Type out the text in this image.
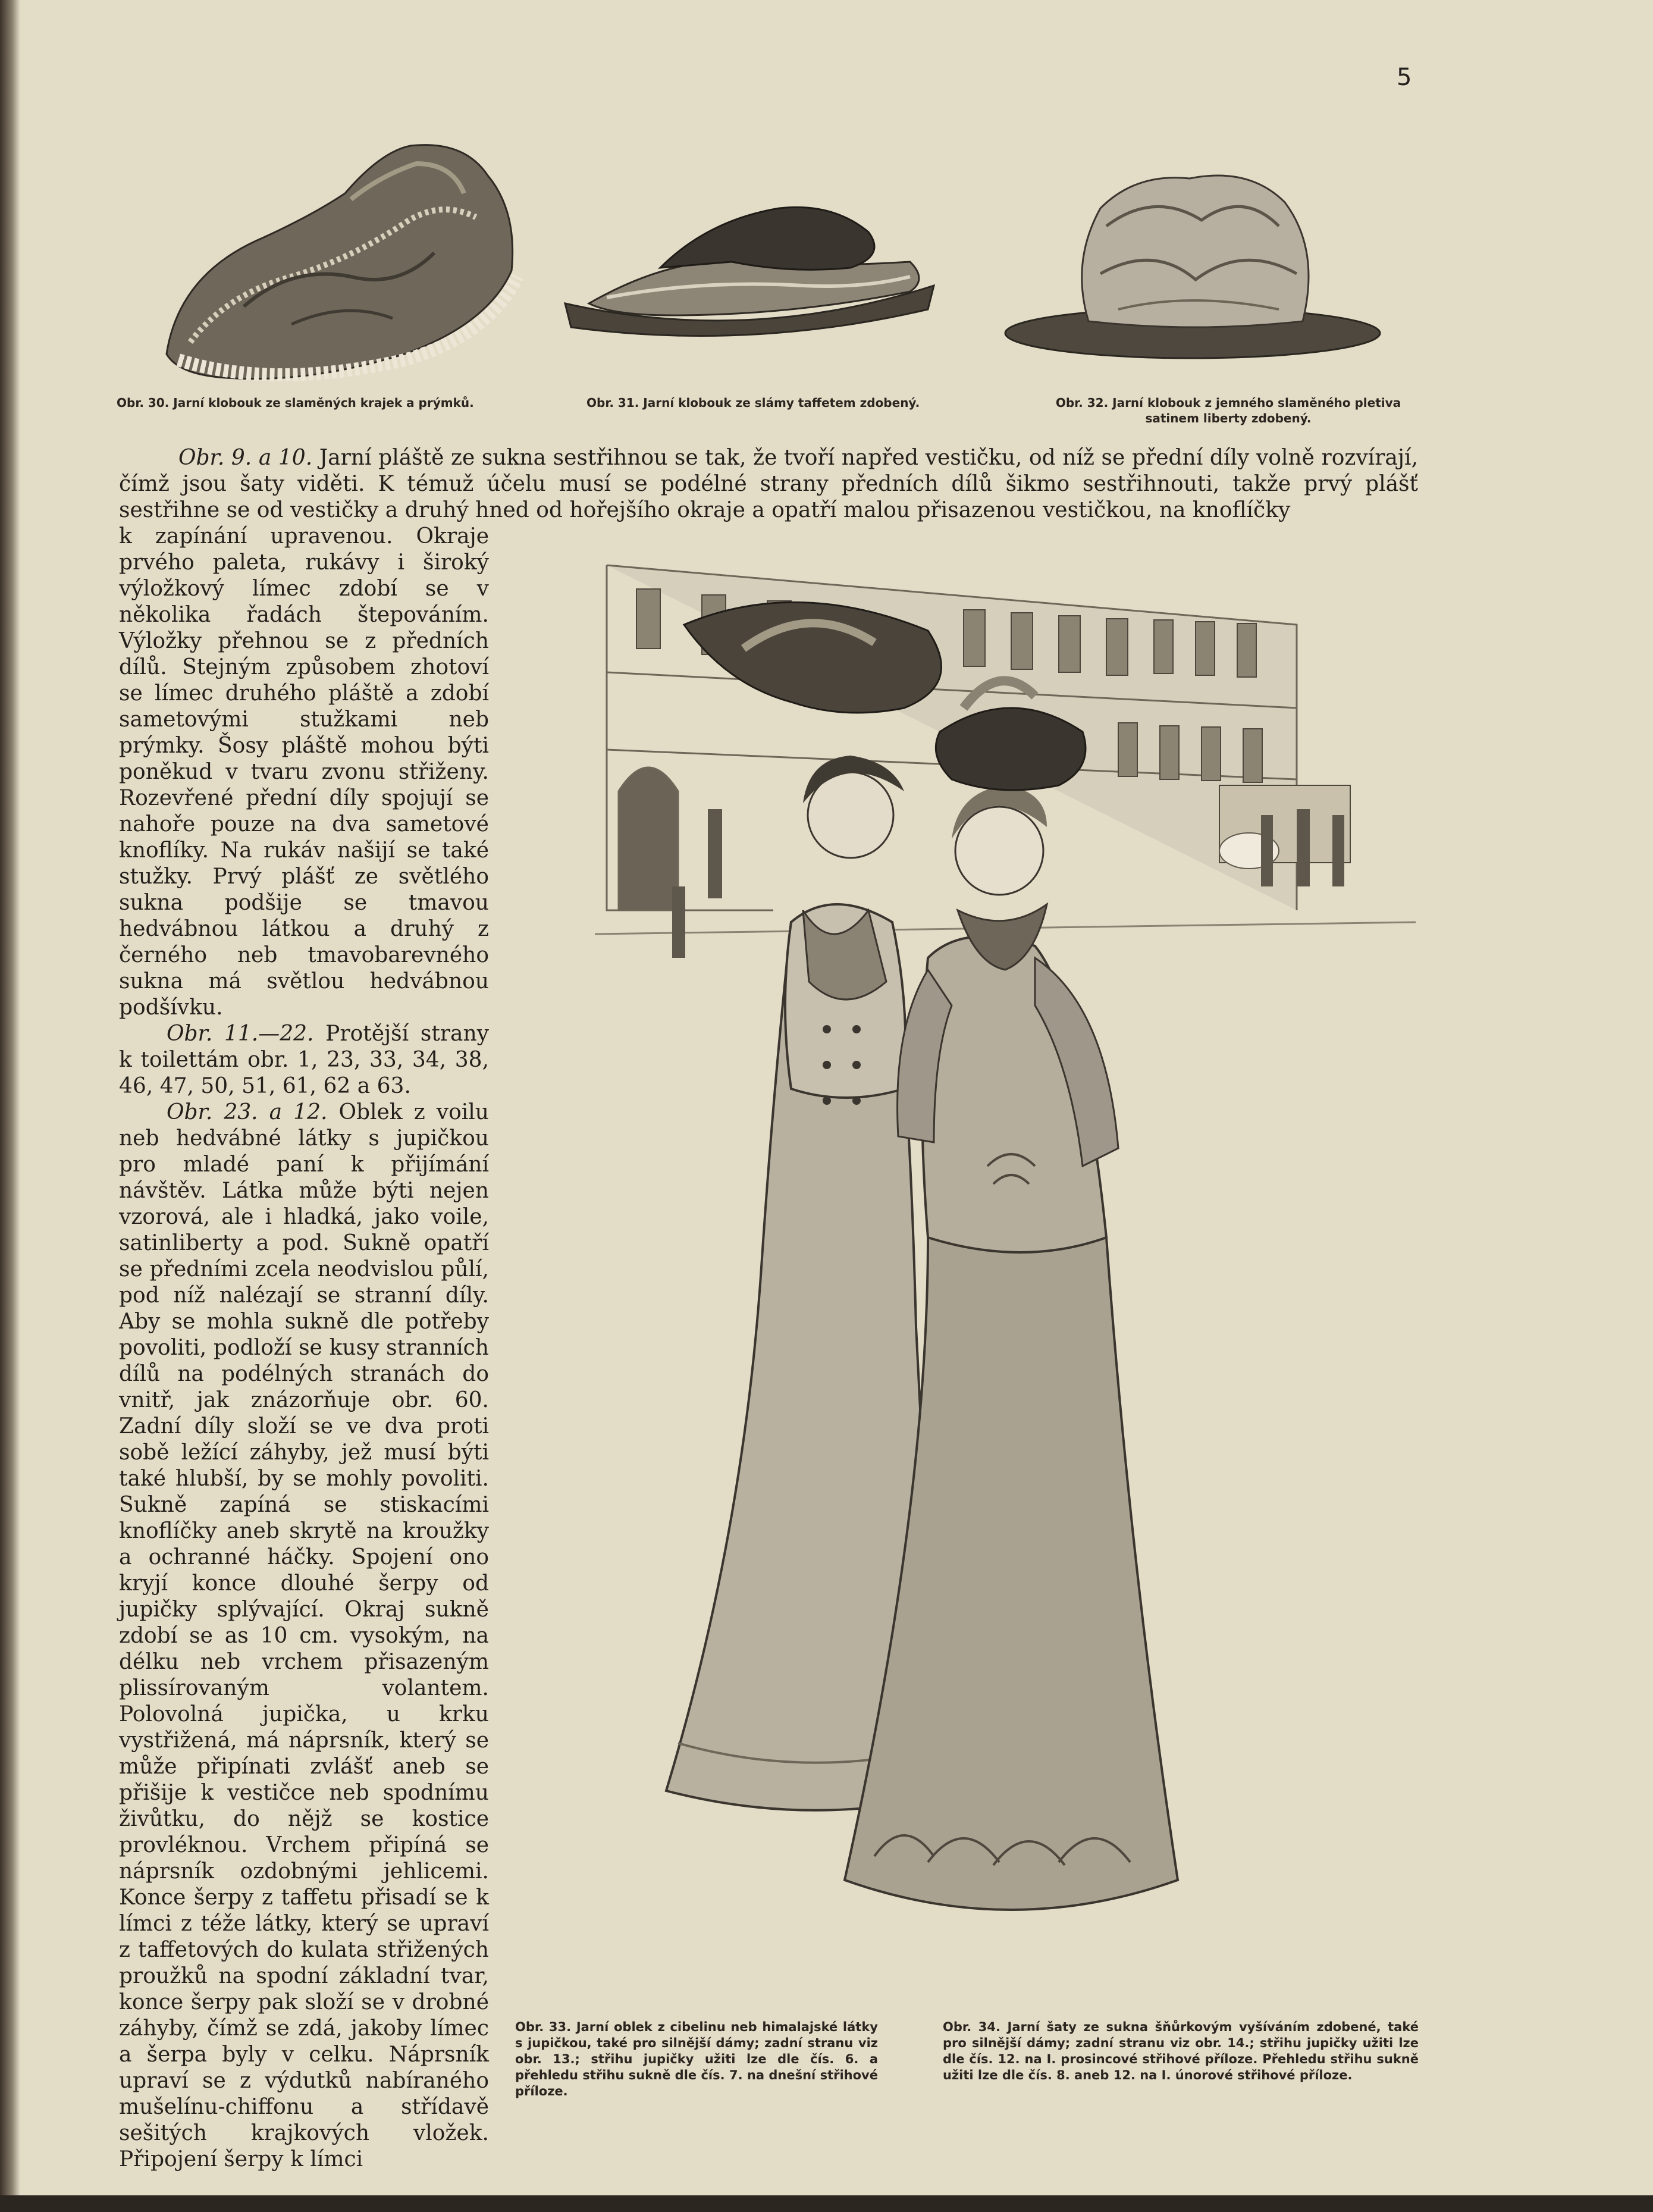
5
Obr. 30. Jarní klobouk ze slaměných krajek a prýmků.	Obr. 31. Jarní klobouk ze slámy taffetem zdobený.	Obr. 32. Jarní klobouk z jemného slaměného pletiva satinem liberty zdobený.

Obr. 9. a 10. Jarní pláště ze sukna sestřihnou se tak, že tvoří napřed vestičku, od níž se přední díly volně rozvírají, čímž jsou šaty viděti. K témuž účelu musí se podélné strany předních dílů šikmo sestřihnouti, takže prvý plášť sestřihne se od vestičky a druhý hned od hořejšího okraje a opatří malou přisazenou vestičkou, na knoflíčky

k zapínání upravenou. Okraje prvého paleta, rukávy i široký výložkový límec zdobí se v několika řadách štepováním. Výložky přehnou se z předních dílů. Stejným způsobem zhotoví se límec druhého pláště a zdobí sametovými stužkami neb prýmky. Šosy pláště mohou býti poněkud v tvaru zvonu střiženy. Rozevřené přední díly spojují se nahoře pouze na dva sametové knoflíky. Na rukáv našijí se také stužky. Prvý plášť ze světlého sukna podšije se tmavou hedvábnou látkou a druhý z černého neb tmavobarevného sukna má světlou hedvábnou podšívku.

Obr. 11.—22. Protější strany k toilettám obr. 1, 23, 33, 34, 38, 46, 47, 50, 51, 61, 62 a 63.

Obr. 23. a 12. Oblek z voilu neb hedvábné látky s jupičkou pro mladé paní k přijímání návštěv. Látka může býti nejen vzorová, ale i hladká, jako voile, satinliberty a pod. Sukně opatří se předními zcela neodvislou půlí, pod níž nalézají se stranní díly. Aby se mohla sukně dle potřeby povoliti, podloží se kusy stranních dílů na podélných stranách do vnitř, jak znázorňuje obr. 60. Zadní díly složí se ve dva proti sobě ležící záhyby, jež musí býti také hlubší, by se mohly povoliti. Sukně zapíná se stiskacími knoflíčky aneb skrytě na kroužky a ochranné háčky. Spojení ono kryjí konce dlouhé šerpy od jupičky splývající. Okraj sukně zdobí se as 10 cm. vysokým, na délku neb vrchem přisazeným plissírovaným volantem. Polovolná jupička, u krku vystřižená, má náprsník, který se může připínati zvlášť aneb se přišije k vestičce neb spodnímu živůtku, do nějž se kostice provléknou. Vrchem připíná se náprsník ozdobnými jehlicemi. Konce šerpy z taffetu přisadí se k límci z téže látky, který se upraví z taffetových do kulata střižených proužků na spodní základní tvar, konce šerpy pak složí se v drobné záhyby, čímž se zdá, jakoby límec a šerpa byly v celku. Náprsník upraví se z výdutků nabíraného mušelínu-chiffonu a střídavě sešitých krajkových vložek. Připojení šerpy k límci

Obr. 33. Jarní oblek z cibelinu neb himalajské látky s jupičkou, také pro silnější dámy; zadní stranu viz obr. 13.; střihu jupičky užiti lze dle čís. 6. a přehledu střihu sukně dle čís. 7. na dnešní střihové příloze.
Obr. 34. Jarní šaty ze sukna šňůrkovým vyšíváním zdobené, také pro silnější dámy; zadní stranu viz obr. 14.; střihu jupičky užiti lze dle čís. 12. na I. prosincové střihové příloze. Přehledu střihu sukně užiti lze dle čís. 8. aneb 12. na I. únorové střihové příloze.
